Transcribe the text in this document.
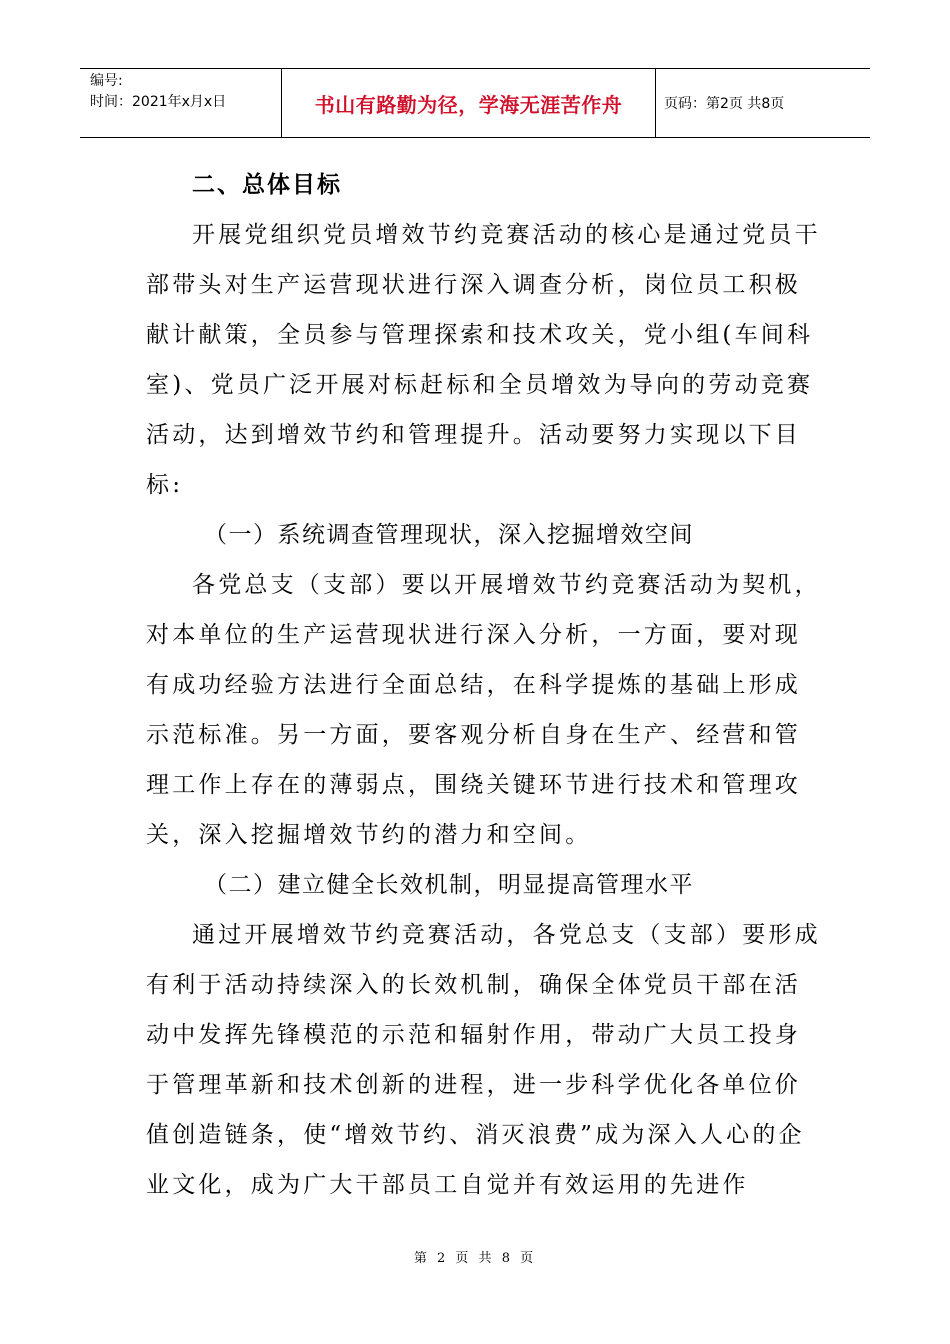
编号:
时间：2021年x月x日	书山有路勤为径，学海无涯苦作舟	页码：第2页 共8页

二、总体目标

开展党组织党员增效节约竞赛活动的核心是通过党员干部带头对生产运营现状进行深入调查分析，岗位员工积极献计献策，全员参与管理探索和技术攻关，党小组(车间科室)、党员广泛开展对标赶标和全员增效为导向的劳动竞赛活动，达到增效节约和管理提升。活动要努力实现以下目标:

（一）系统调查管理现状，深入挖掘增效空间

各党总支（支部）要以开展增效节约竞赛活动为契机，对本单位的生产运营现状进行深入分析，一方面，要对现有成功经验方法进行全面总结，在科学提炼的基础上形成示范标准。另一方面，要客观分析自身在生产、经营和管理工作上存在的薄弱点，围绕关键环节进行技术和管理攻关，深入挖掘增效节约的潜力和空间。

（二）建立健全长效机制，明显提高管理水平

通过开展增效节约竞赛活动，各党总支（支部）要形成有利于活动持续深入的长效机制，确保全体党员干部在活动中发挥先锋模范的示范和辐射作用，带动广大员工投身于管理革新和技术创新的进程，进一步科学优化各单位价值创造链条，使“增效节约、消灭浪费”成为深入人心的企业文化，成为广大干部员工自觉并有效运用的先进作

第 2 页 共 8 页
